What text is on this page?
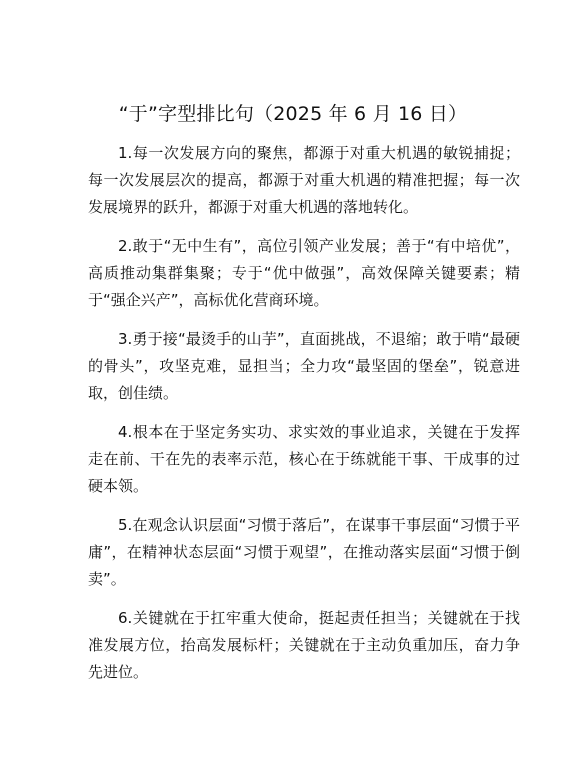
“于”字型排比句（2025 年 6 月 16 日）

1.每一次发展方向的聚焦，都源于对重大机遇的敏锐捕捉；每一次发展层次的提高，都源于对重大机遇的精准把握；每一次发展境界的跃升，都源于对重大机遇的落地转化。

2.敢于“无中生有”，高位引领产业发展；善于“有中培优”，高质推动集群集聚；专于“优中做强”，高效保障关键要素；精于“强企兴产”，高标优化营商环境。

3.勇于接“最烫手的山芋”，直面挑战，不退缩；敢于啃“最硬的骨头”，攻坚克难，显担当；全力攻“最坚固的堡垒”，锐意进取，创佳绩。

4.根本在于坚定务实功、求实效的事业追求，关键在于发挥走在前、干在先的表率示范，核心在于练就能干事、干成事的过硬本领。

5.在观念认识层面“习惯于落后”，在谋事干事层面“习惯于平庸”，在精神状态层面“习惯于观望”，在推动落实层面“习惯于倒卖”。

6.关键就在于扛牢重大使命，挺起责任担当；关键就在于找准发展方位，抬高发展标杆；关键就在于主动负重加压，奋力争先进位。
